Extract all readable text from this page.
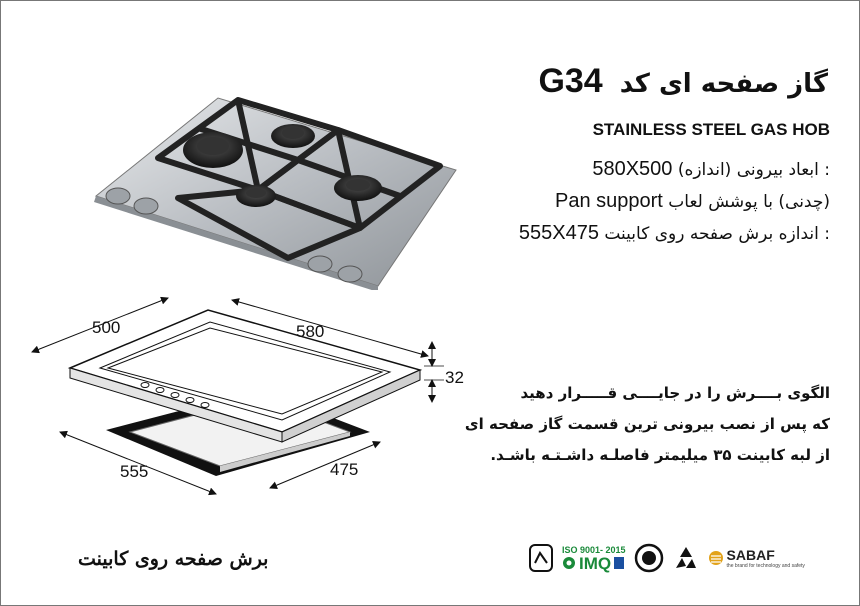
گاز صفحه ای کد G34
STAINLESS STEEL GAS HOB
: ابعاد بیرونی (اندازه) 580X500
(چدنی) با پوشش لعاب Pan support
: اندازه برش صفحه روی کابینت 555X475
500	580
32
555	475
الگوی بــــرش را در جایــــی قـــــرار دهید
که پس از نصب بیرونی ترین قسمت گاز صفحه ای
از لبه کابینت ۳۵ میلیمتر فاصلـه داشـتـه باشـد.
برش صفحه روی کابینت	ISO 9001- 2015
IMQ	SABAF
the brand for technology and safety
